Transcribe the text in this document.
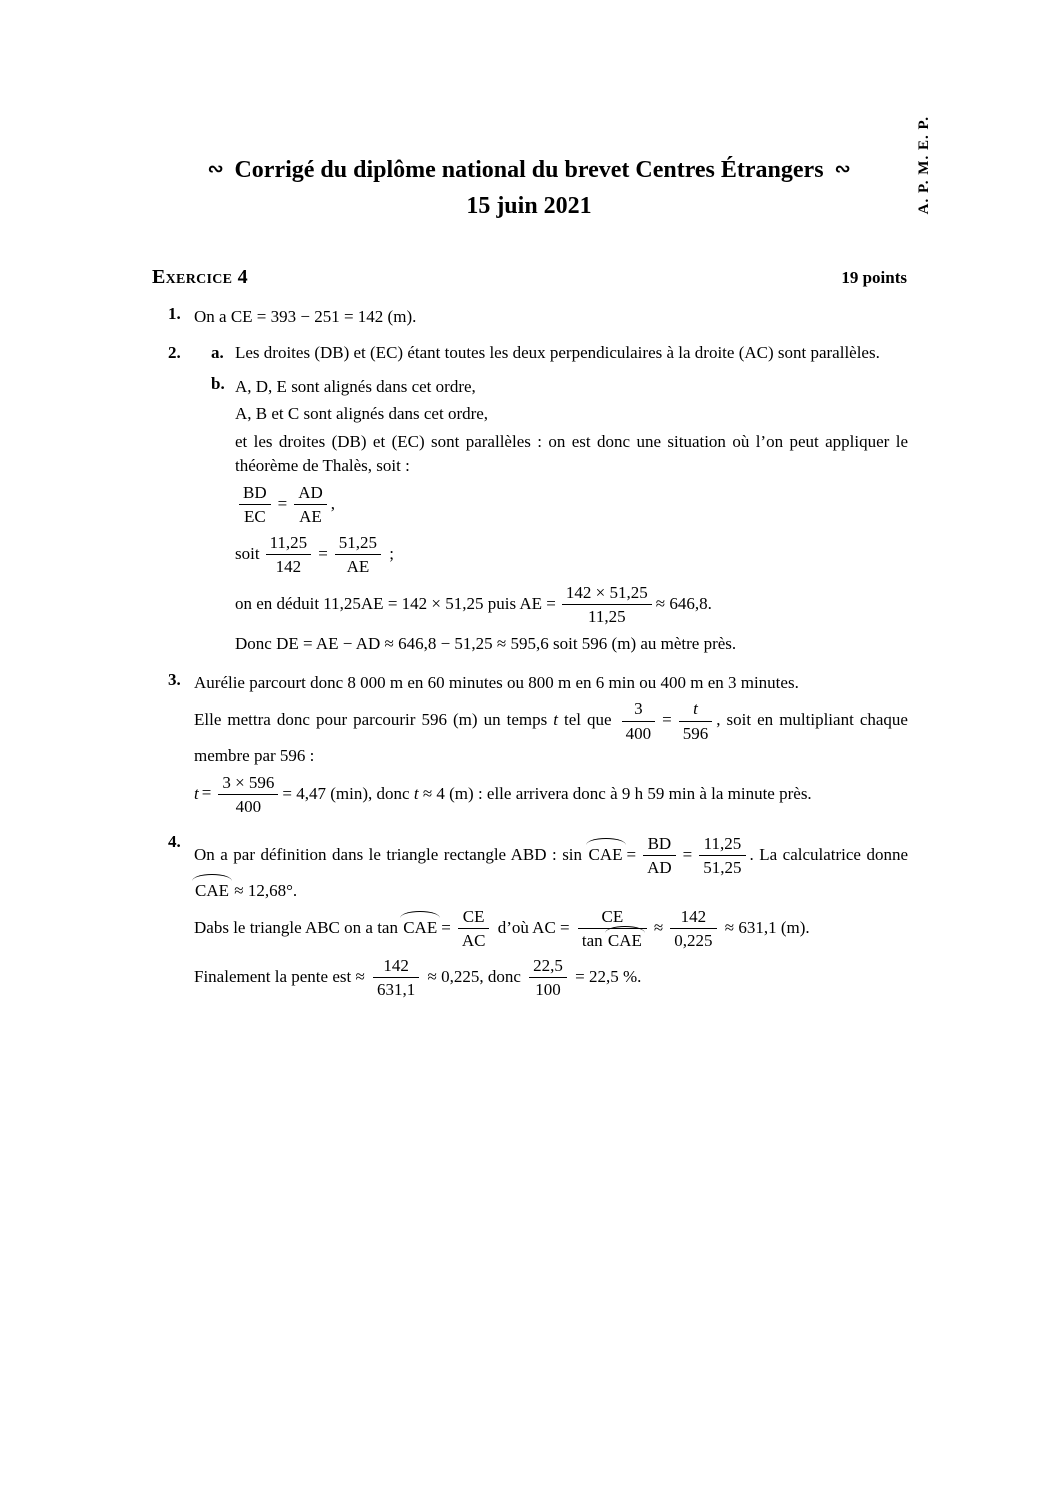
A. P. M. E. P.
∾ Corrigé du diplôme national du brevet Centres Étrangers ∾
15 juin 2021
Exercice 4	19 points
1. On a CE = 393 − 251 = 142 (m).

2.	a. Les droites (DB) et (EC) étant toutes les deux perpendiculaires à la droite (AC) sont parallèles.
b. A, D, E sont alignés dans cet ordre,

A, B et C sont alignés dans cet ordre,

et les droites (DB) et (EC) sont parallèles : on est donc une situation où l’on peut appliquer le théorème de Thalès, soit :

$\frac{BD}{EC} = \frac{AD}{AE}$ ,
soit $\frac{11,25}{142} = \frac{51,25}{AE}$ ;
on en déduit 11,25AE = 142 × 51,25 puis AE = $\frac{142 \times 51,25}{11,25} \approx 646,8$.

Donc DE = AE − AD ≈ 646,8 − 51,25 ≈ 595,6 soit 596 (m) au mètre près.

3. Aurélie parcourt donc 8 000 m en 60 minutes ou 800 m en 6 min ou 400 m en 3 minutes.

Elle mettra donc pour parcourir 596 (m) un temps t tel que $\frac{3}{400} = \frac{t}{596}$ , soit en multipliant chaque membre par 596 :

$t = \frac{3 \times 596}{400} = 4,47$ (min), donc t ≈ 4 (m) : elle arrivera donc à 9 h 59 min à la minute près.

4.

On a par définition dans le triangle rectangle ABD : sin CAE = $\frac{BD}{AD} = \frac{11,25}{51,25}$ . La calculatrice donne CAE ≈ 12,68°.

Dabs le triangle ABC on a tan CAE = $\frac{CE}{AC}$ d’où AC = $\frac{CE}{\text{tan CAE}} \approx \frac{142}{0,225} \approx 631,1$ (m).

Finalement la pente est ≈ $\frac{142}{631,1} \approx 0,225$, donc $\frac{22,5}{100} = 22,5$ %.
